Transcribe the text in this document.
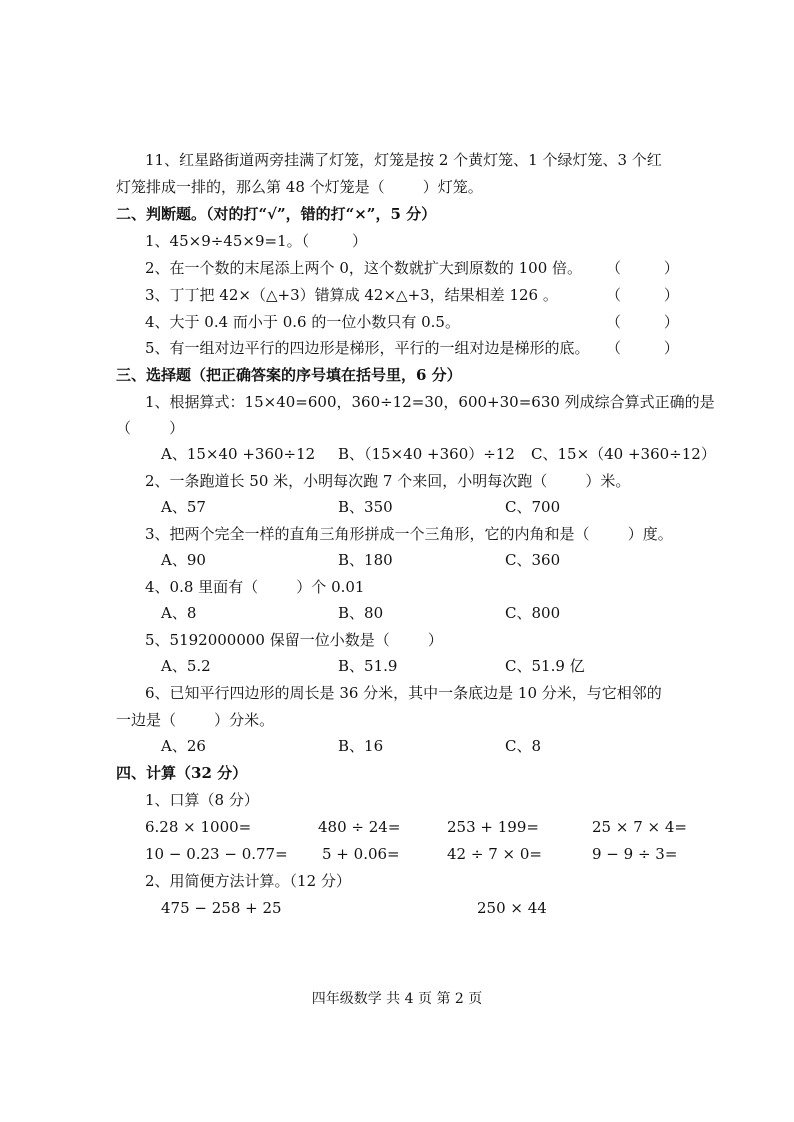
11、红星路街道两旁挂满了灯笼，灯笼是按 2 个黄灯笼、1 个绿灯笼、3 个红
灯笼排成一排的，那么第 48 个灯笼是（        ）灯笼。
二、判断题。（对的打“√”，错的打“×”，5 分）
1、45×9÷45×9=1。（         ）
2、在一个数的末尾添上两个 0，这个数就扩大到原数的 100 倍。 （         ）
3、丁丁把 42×（△+3）错算成 42×△+3，结果相差 126 。	（         ）
4、大于 0.4 而小于 0.6 的一位小数只有 0.5。	（         ）
5、有一组对边平行的四边形是梯形，平行的一组对边是梯形的底。 （         ）
三、选择题（把正确答案的序号填在括号里，6 分）
1、根据算式：15×40=600，360÷12=30，600+30=630 列成综合算式正确的是
（        ）
A、15×40 +360÷12 B、（15×40 +360）÷12 C、15×（40 +360÷12）
2、一条跑道长 50 米，小明每次跑 7 个来回，小明每次跑（        ）米。
A、57	B、350	C、700
3、把两个完全一样的直角三角形拼成一个三角形，它的内角和是（        ）度。
A、90	B、180	C、360
4、0.8 里面有（        ）个 0.01
A、8	B、80	C、800
5、5192000000 保留一位小数是（        ）
A、5.2	B、51.9	C、51.9 亿
6、已知平行四边形的周长是 36 分米，其中一条底边是 10 分米，与它相邻的
一边是（        ）分米。
A、26	B、16	C、8
四、计算（32 分）
1、口算（8 分）
6.28 × 1000=	480 ÷ 24=	253 + 199=	25 × 7 × 4=
10 − 0.23 − 0.77= 5 + 0.06=	42 ÷ 7 × 0=	9 − 9 ÷ 3=
2、用简便方法计算。（12 分）
475 − 258 + 25	250 × 44
四年级数学 共 4 页 第 2 页
